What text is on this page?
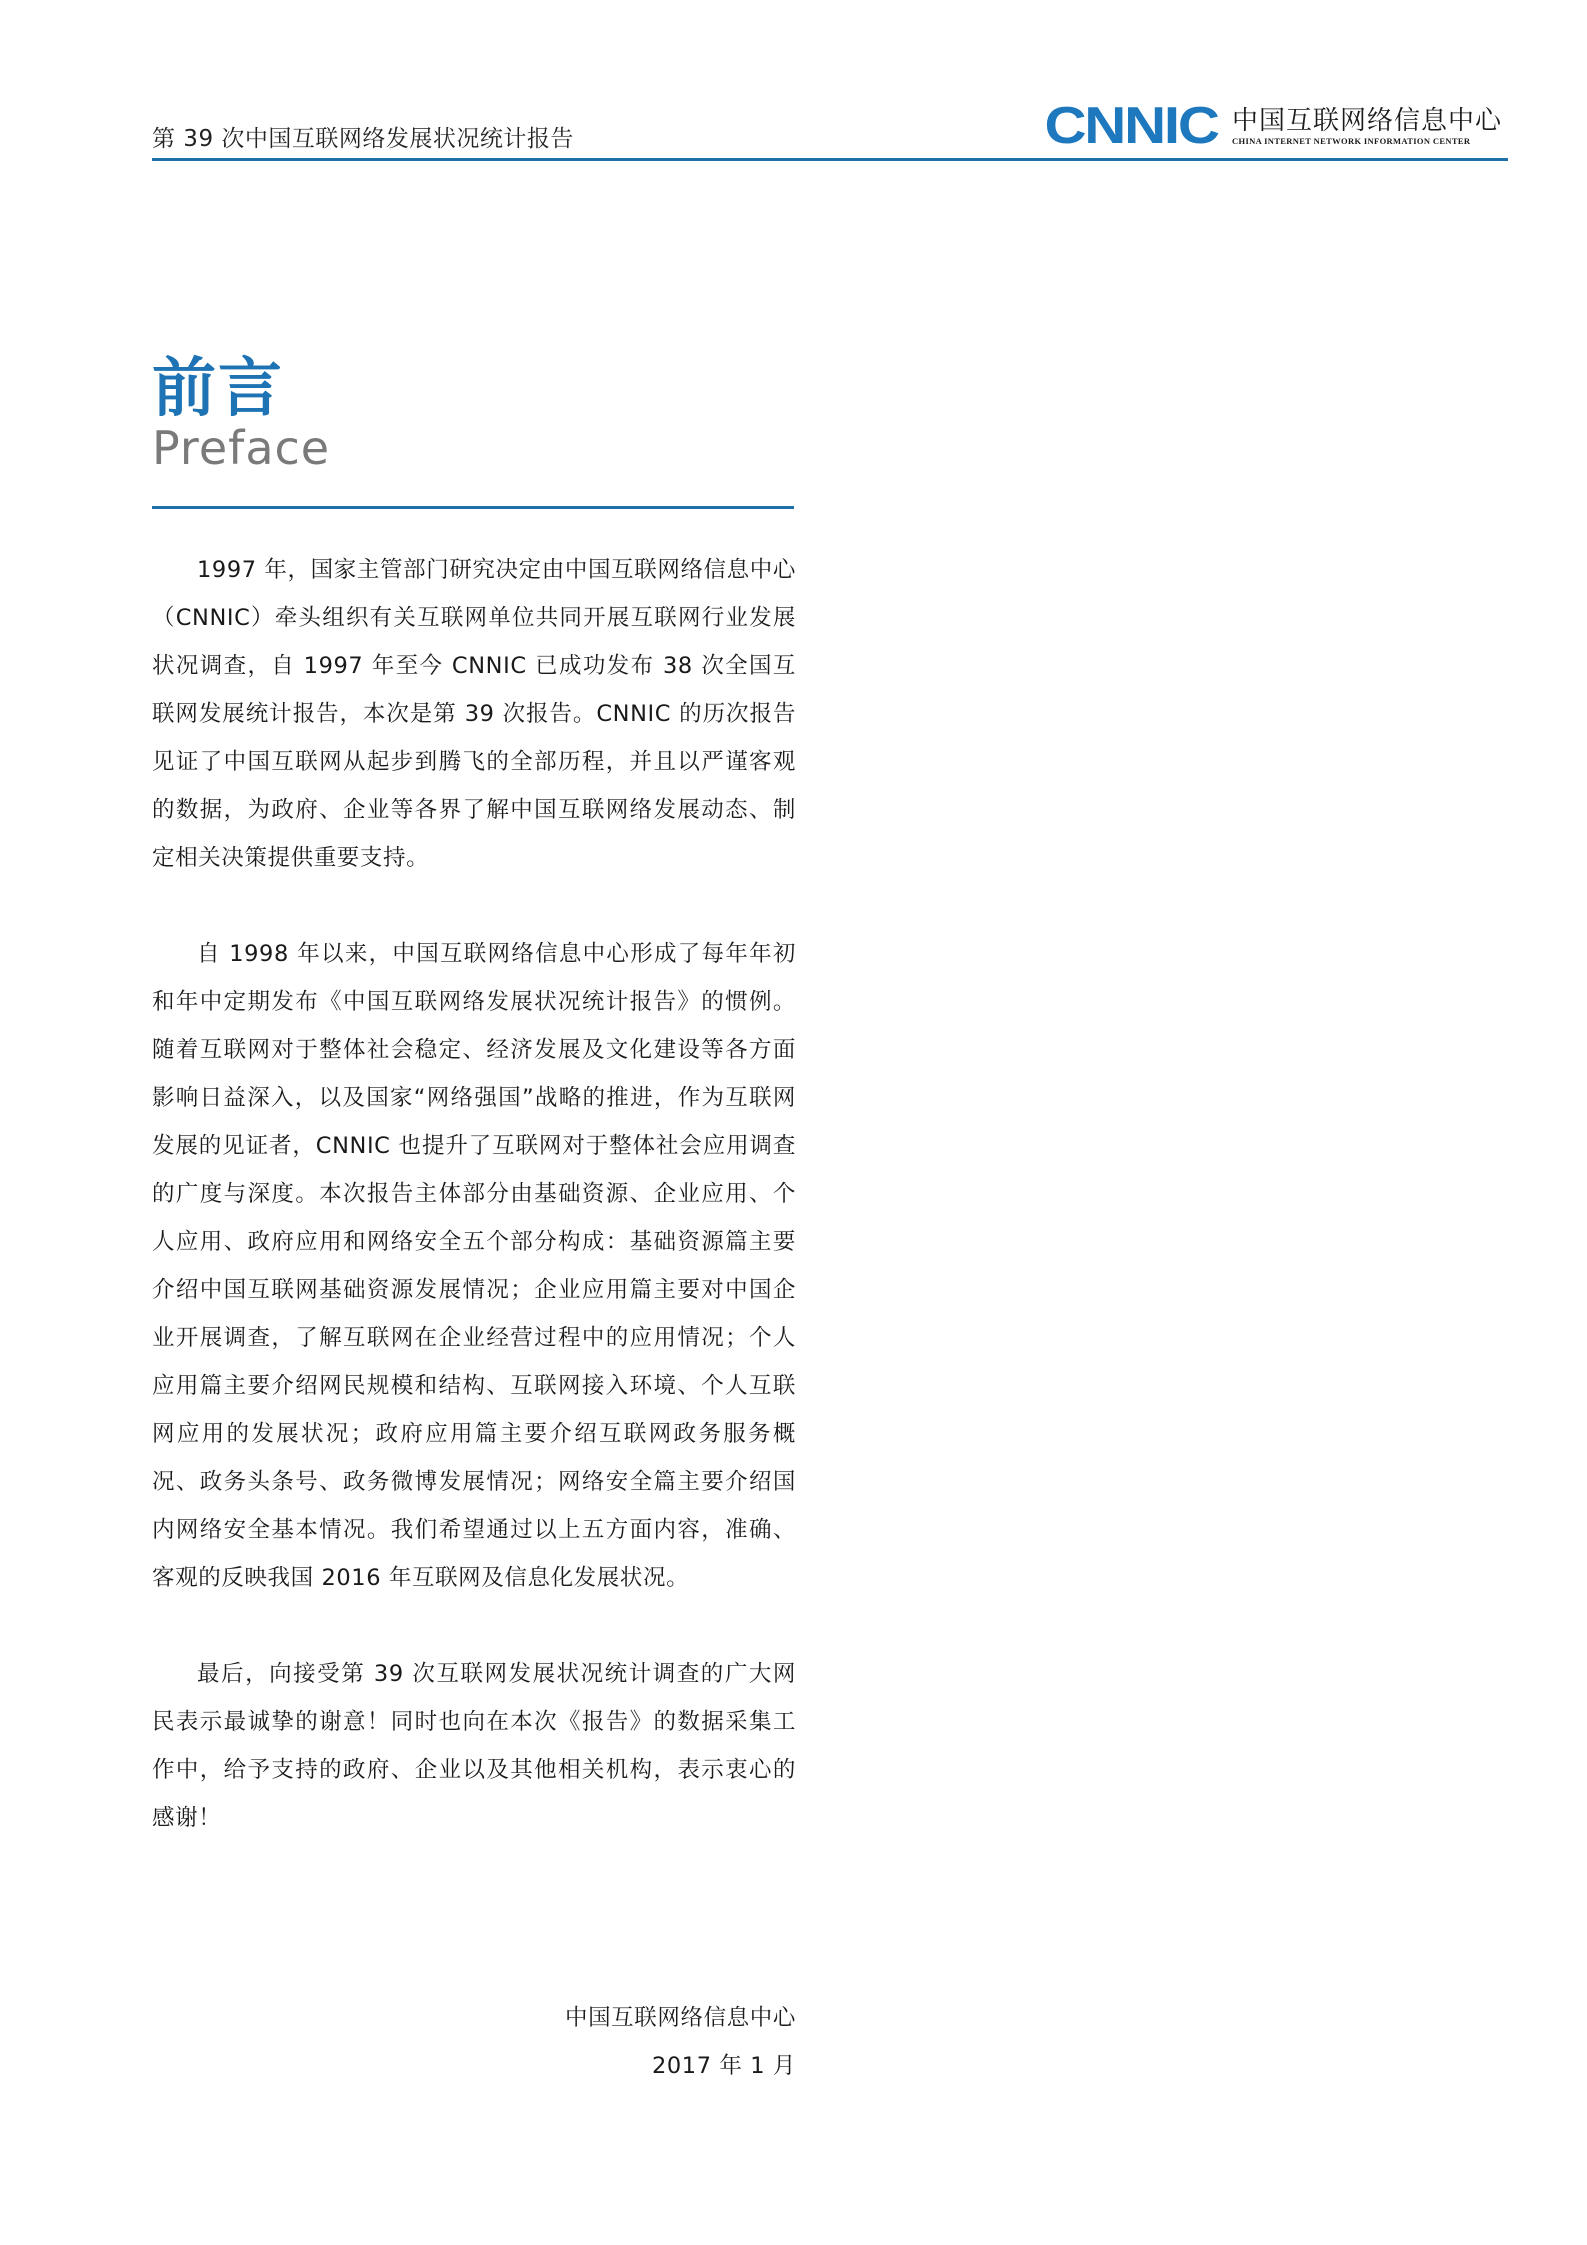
第 39 次中国互联网络发展状况统计报告	CNNIC 中国互联网络信息中心
CHINA INTERNET NETWORK INFORMATION CENTER
前言
Preface

1997 年，国家主管部门研究决定由中国互联网络信息中心（CNNIC）牵头组织有关互联网单位共同开展互联网行业发展状况调查，自 1997 年至今 CNNIC 已成功发布 38 次全国互联网发展统计报告，本次是第 39 次报告。CNNIC 的历次报告见证了中国互联网从起步到腾飞的全部历程，并且以严谨客观的数据，为政府、企业等各界了解中国互联网络发展动态、制定相关决策提供重要支持。

自 1998 年以来，中国互联网络信息中心形成了每年年初和年中定期发布《中国互联网络发展状况统计报告》的惯例。随着互联网对于整体社会稳定、经济发展及文化建设等各方面影响日益深入，以及国家“网络强国”战略的推进，作为互联网发展的见证者，CNNIC 也提升了互联网对于整体社会应用调查的广度与深度。本次报告主体部分由基础资源、企业应用、个人应用、政府应用和网络安全五个部分构成：基础资源篇主要介绍中国互联网基础资源发展情况；企业应用篇主要对中国企业开展调查，了解互联网在企业经营过程中的应用情况；个人应用篇主要介绍网民规模和结构、互联网接入环境、个人互联网应用的发展状况；政府应用篇主要介绍互联网政务服务概况、政务头条号、政务微博发展情况；网络安全篇主要介绍国内网络安全基本情况。我们希望通过以上五方面内容，准确、客观的反映我国 2016 年互联网及信息化发展状况。

最后，向接受第 39 次互联网发展状况统计调查的广大网民表示最诚挚的谢意！同时也向在本次《报告》的数据采集工作中，给予支持的政府、企业以及其他相关机构，表示衷心的感谢！

中国互联网络信息中心
2017 年 1 月
